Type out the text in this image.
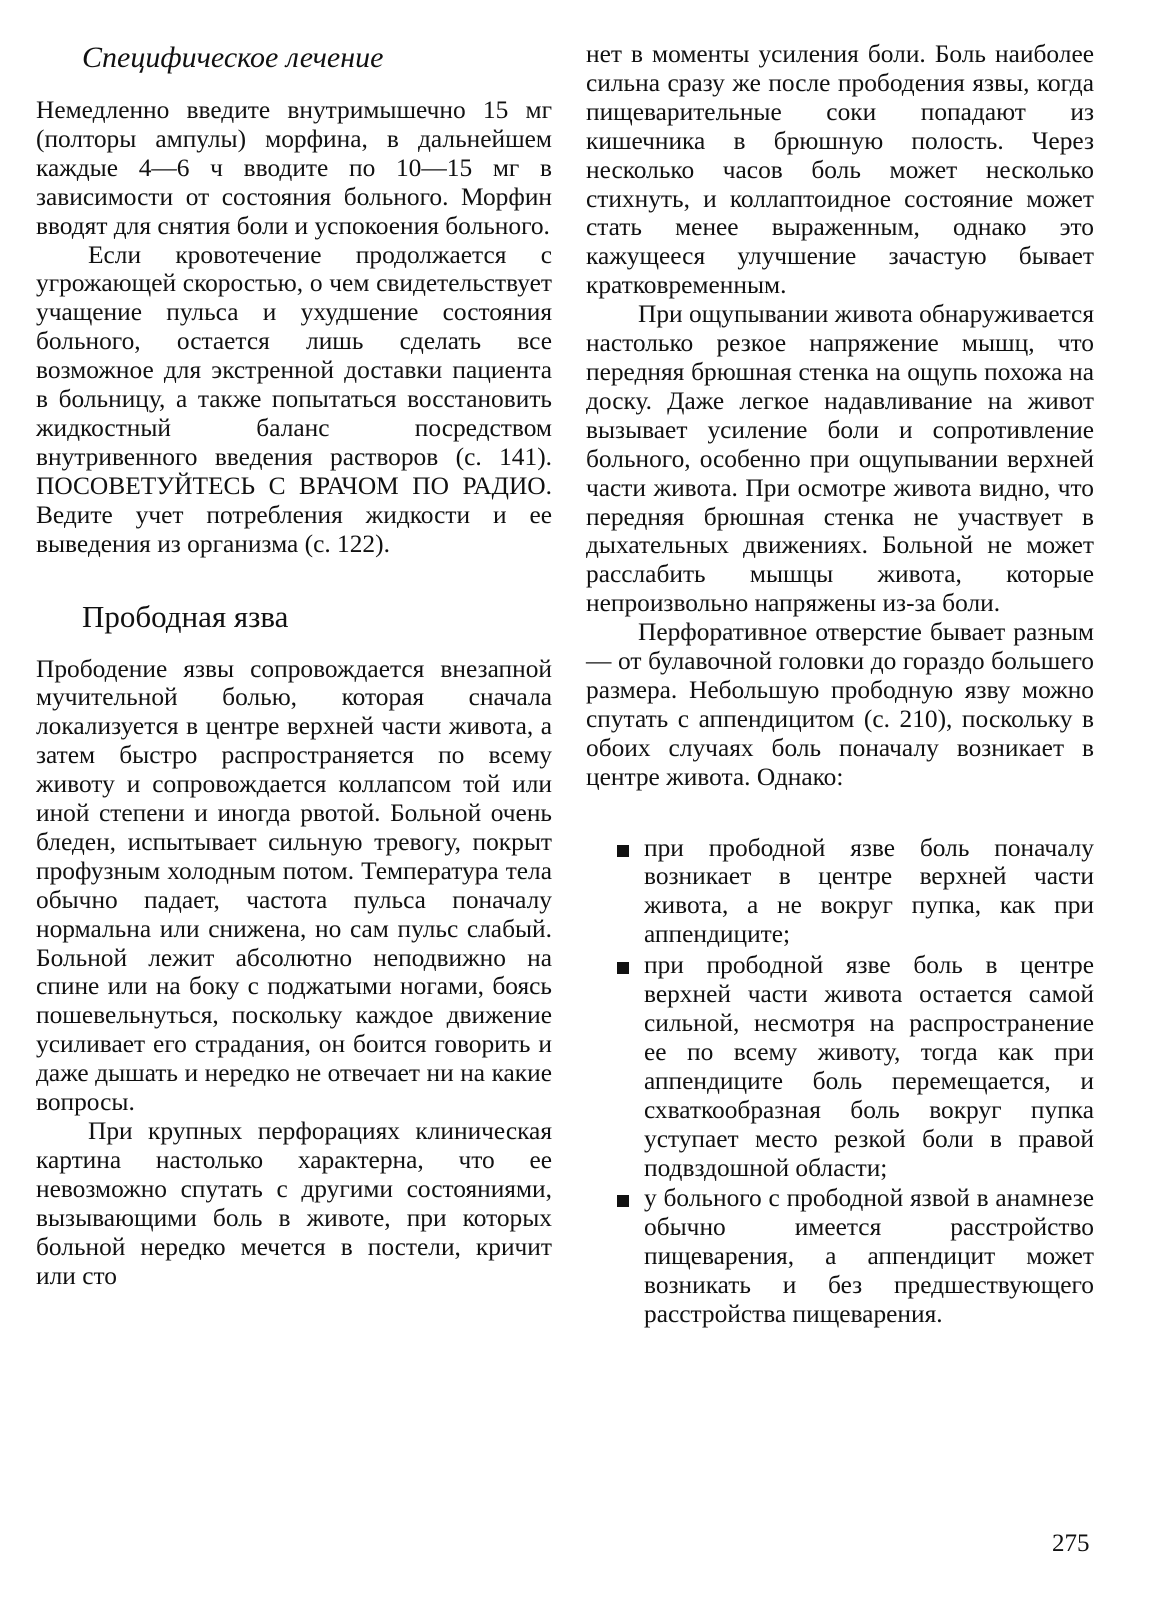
Специфическое лечение

Немедленно введите внутримышечно 15 мг (полторы ампулы) морфина, в дальнейшем каждые 4—6 ч вводите по 10—15 мг в зависимости от состояния больного. Морфин вводят для снятия боли и успокоения больного.

Если кровотечение продолжается с угрожающей скоростью, о чем свидетельствует учащение пульса и ухудшение состояния больного, остается лишь сделать все возможное для экстренной доставки пациента в больницу, а также попытаться восстановить жидкостный баланс посредством внутривенного введения растворов (с. 141). ПОСОВЕТУЙТЕСЬ С ВРАЧОМ ПО РАДИО. Ведите учет потребления жидкости и ее выведения из организма (с. 122).

Прободная язва

Прободение язвы сопровождается внезапной мучительной болью, которая сначала локализуется в центре верхней части живота, а затем быстро распространяется по всему животу и сопровождается коллапсом той или иной степени и иногда рвотой. Больной очень бледен, испытывает сильную тревогу, покрыт профузным холодным потом. Температура тела обычно падает, частота пульса поначалу нормальна или снижена, но сам пульс слабый. Больной лежит абсолютно неподвижно на спине или на боку с поджатыми ногами, боясь пошевельнуться, поскольку каждое движение усиливает его страдания, он боится говорить и даже дышать и нередко не отвечает ни на какие вопросы.

При крупных перфорациях клиническая картина настолько характерна, что ее невозможно спутать с другими состояниями, вызывающими боль в животе, при которых больной нередко мечется в постели, кричит или сто

нет в моменты усиления боли. Боль наиболее сильна сразу же после прободения язвы, когда пищеварительные соки попадают из кишечника в брюшную полость. Через несколько часов боль может несколько стихнуть, и коллаптоидное состояние может стать менее выраженным, однако это кажущееся улучшение зачастую бывает кратковременным.

При ощупывании живота обнаруживается настолько резкое напряжение мышц, что передняя брюшная стенка на ощупь похожа на доску. Даже легкое надавливание на живот вызывает усиление боли и сопротивление больного, особенно при ощупывании верхней части живота. При осмотре живота видно, что передняя брюшная стенка не участвует в дыхательных движениях. Больной не может расслабить мышцы живота, которые непроизвольно напряжены из-за боли.

Перфоративное отверстие бывает разным — от булавочной головки до гораздо большего размера. Небольшую прободную язву можно спутать с аппендицитом (с. 210), поскольку в обоих случаях боль поначалу возникает в центре живота. Однако:

при прободной язве боль поначалу возникает в центре верхней части живота, а не вокруг пупка, как при аппендиците;
при прободной язве боль в центре верхней части живота остается самой сильной, несмотря на распространение ее по всему животу, тогда как при аппендиците боль перемещается, и схваткообразная боль вокруг пупка уступает место резкой боли в правой подвздошной области;
у больного с прободной язвой в анамнезе обычно имеется расстройство пищеварения, а аппендицит может возникать и без предшествующего расстройства пищеварения.
275
